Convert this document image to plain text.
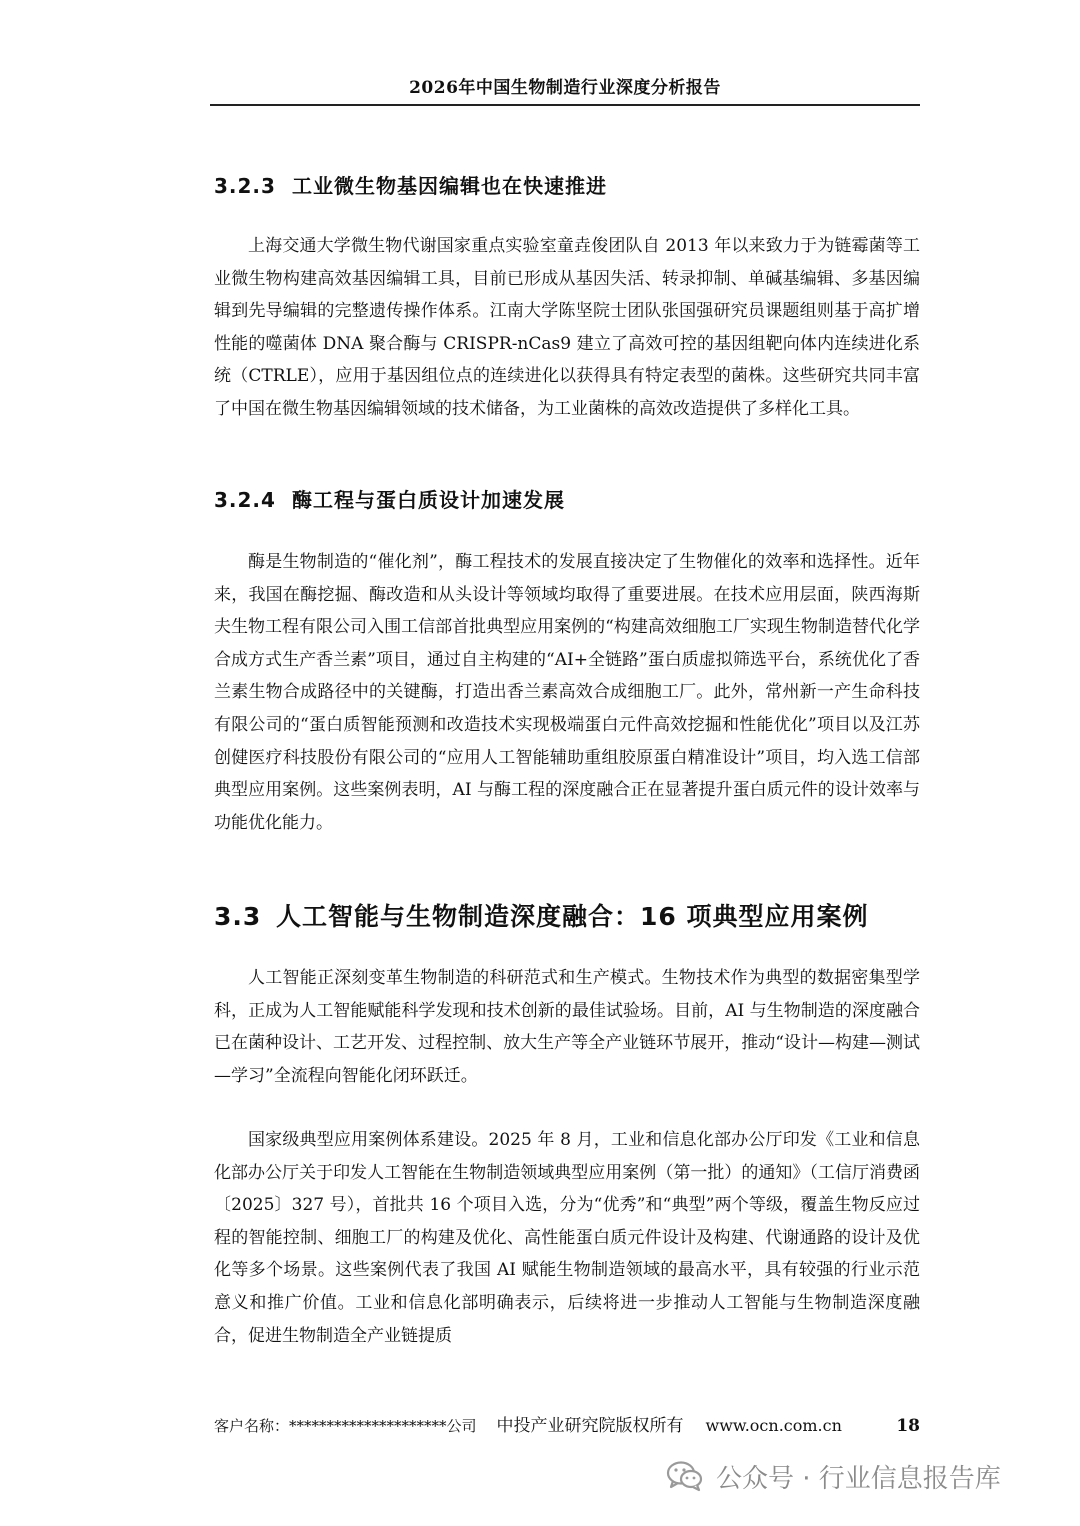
2026年中国生物制造行业深度分析报告
3.2.3 工业微生物基因编辑也在快速推进

上海交通大学微生物代谢国家重点实验室童垚俊团队自 2013 年以来致力于为链霉菌等工业微生物构建高效基因编辑工具，目前已形成从基因失活、转录抑制、单碱基编辑、多基因编辑到先导编辑的完整遗传操作体系。江南大学陈坚院士团队张国强研究员课题组则基于高扩增性能的噬菌体 DNA 聚合酶与 CRISPR-nCas9 建立了高效可控的基因组靶向体内连续进化系统（CTRLE），应用于基因组位点的连续进化以获得具有特定表型的菌株。这些研究共同丰富了中国在微生物基因编辑领域的技术储备，为工业菌株的高效改造提供了多样化工具。

3.2.4 酶工程与蛋白质设计加速发展

酶是生物制造的“催化剂”，酶工程技术的发展直接决定了生物催化的效率和选择性。近年来，我国在酶挖掘、酶改造和从头设计等领域均取得了重要进展。在技术应用层面，陕西海斯夫生物工程有限公司入围工信部首批典型应用案例的“构建高效细胞工厂实现生物制造替代化学合成方式生产香兰素”项目，通过自主构建的“AI+全链路”蛋白质虚拟筛选平台，系统优化了香兰素生物合成路径中的关键酶，打造出香兰素高效合成细胞工厂。此外，常州新一产生命科技有限公司的“蛋白质智能预测和改造技术实现极端蛋白元件高效挖掘和性能优化”项目以及江苏创健医疗科技股份有限公司的“应用人工智能辅助重组胶原蛋白精准设计”项目，均入选工信部典型应用案例。这些案例表明，AI 与酶工程的深度融合正在显著提升蛋白质元件的设计效率与功能优化能力。

3.3 人工智能与生物制造深度融合：16 项典型应用案例

人工智能正深刻变革生物制造的科研范式和生产模式。生物技术作为典型的数据密集型学科，正成为人工智能赋能科学发现和技术创新的最佳试验场。目前，AI 与生物制造的深度融合已在菌种设计、工艺开发、过程控制、放大生产等全产业链环节展开，推动“设计—构建—测试—学习”全流程向智能化闭环跃迁。

国家级典型应用案例体系建设。2025 年 8 月，工业和信息化部办公厅印发《工业和信息化部办公厅关于印发人工智能在生物制造领域典型应用案例（第一批）的通知》（工信厅消费函〔2025〕327 号），首批共 16 个项目入选，分为“优秀”和“典型”两个等级，覆盖生物反应过程的智能控制、细胞工厂的构建及优化、高性能蛋白质元件设计及构建、代谢通路的设计及优化等多个场景。这些案例代表了我国 AI 赋能生物制造领域的最高水平，具有较强的行业示范意义和推广价值。工业和信息化部明确表示，后续将进一步推动人工智能与生物制造深度融合，促进生物制造全产业链提质

客户名称：*********************公司 中投产业研究院版权所有 www.ocn.com.cn	18
公众号 · 行业信息报告库
